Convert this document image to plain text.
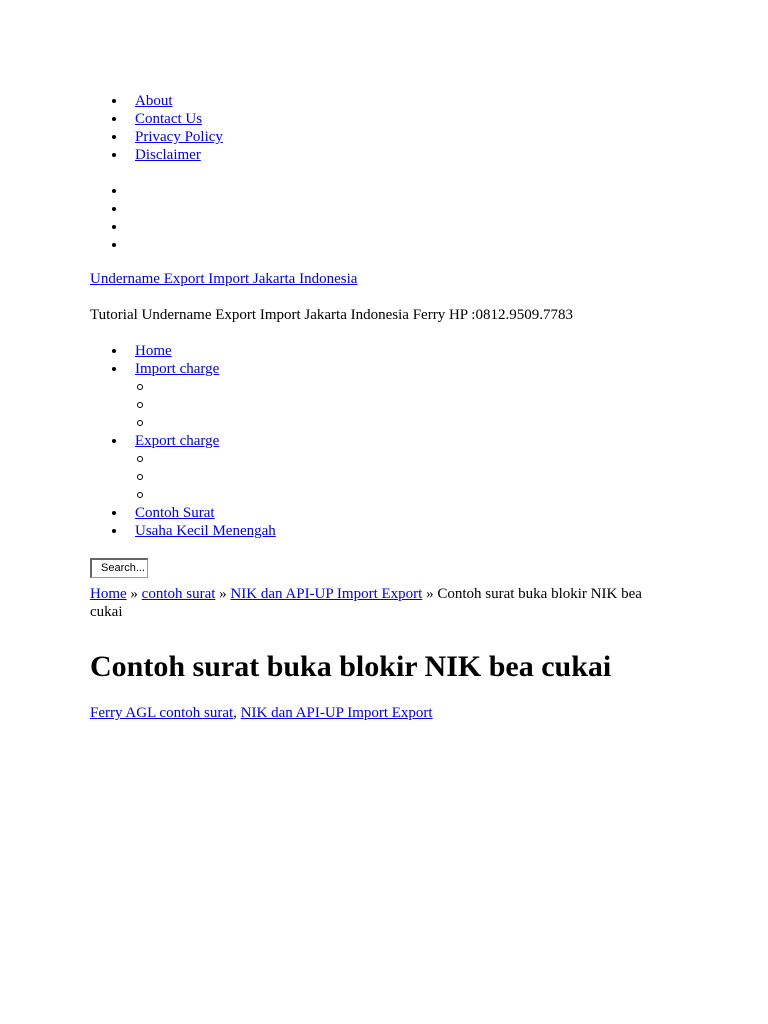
About
Contact Us
Privacy Policy
Disclaimer
Undername Export Import Jakarta Indonesia
Tutorial Undername Export Import Jakarta Indonesia Ferry HP :0812.9509.7783
Home
Import charge
Export charge
Contoh Surat
Usaha Kecil Menengah
Search...
Home » contoh surat » NIK dan API-UP Import Export » Contoh surat buka blokir NIK bea cukai
Contoh surat buka blokir NIK bea cukai
Ferry AGL contoh surat, NIK dan API-UP Import Export
